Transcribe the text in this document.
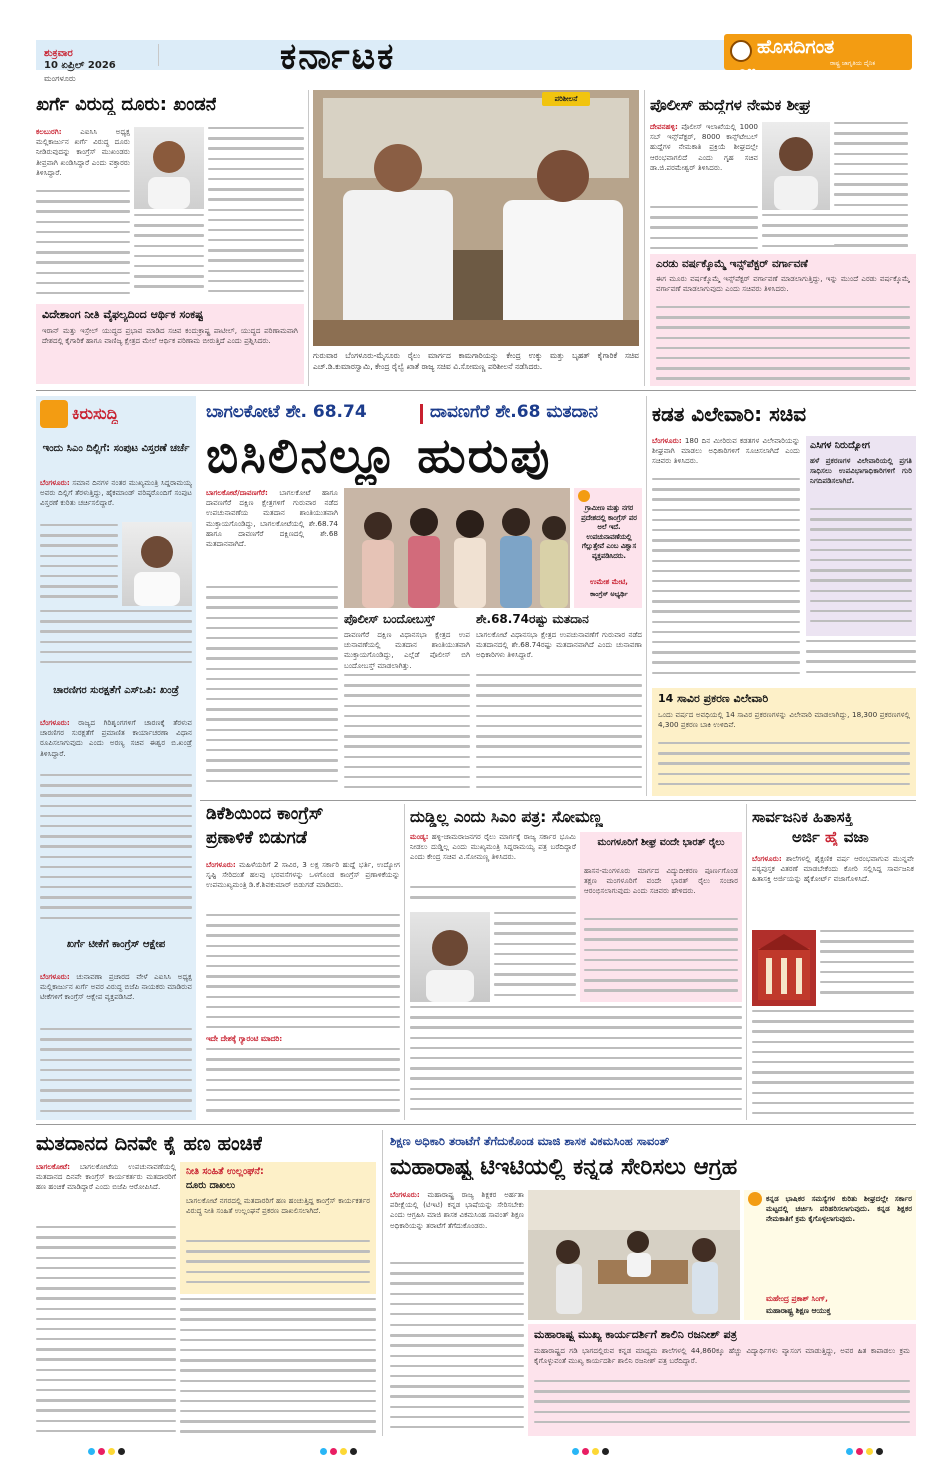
ಶುಕ್ರವಾರ
10 ಏಪ್ರಿಲ್ 2026
ಮಂಗಳೂರು
ಕರ್ನಾಟಕ	ಹೊಸದಿಗಂತ
೦೫	ರಾಷ್ಟ್ರ ಜಾಗೃತಿಯ ದೈನಿಕ
ಖರ್ಗೆ ವಿರುದ್ಧ ದೂರು: ಖಂಡನೆ
ಕಲಬುರಗಿ:	ಎಐಸಿಸಿ ಅಧ್ಯಕ್ಷ ಮಲ್ಲಿಕಾರ್ಜುನ ಖರ್ಗೆ ವಿರುದ್ಧ ದೂರು ನೀಡಿರುವುದನ್ನು ಕಾಂಗ್ರೆಸ್ ಮುಖಂಡರು ತೀವ್ರವಾಗಿ ಖಂಡಿಸಿದ್ದಾರೆ ಎಂದು ವಕ್ತಾರರು ತಿಳಿಸಿದ್ದಾರೆ.
ವಿದೇಶಾಂಗ ನೀತಿ ವೈಫಲ್ಯದಿಂದ ಆರ್ಥಿಕ ಸಂಕಷ್ಟ
ಇರಾನ್ ಮತ್ತು ಇಸ್ರೇಲ್ ಯುದ್ಧದ ಪ್ರಭಾವ ಮಾಡಿದ ಸಚಿವ ಕಂದುಕ್ರಾಷ್ಟ್ರ ಪಾಟೀಲ್, ಯುದ್ಧದ ಪರಿಣಾಮವಾಗಿ ದೇಶದಲ್ಲಿ ಕೈಗಾರಿಕೆ ಹಾಗೂ ವಾಣಿಜ್ಯ ಕ್ಷೇತ್ರದ ಮೇಲೆ ಆರ್ಥಿಕ ಪರಿಣಾಮ ಬೀರುತ್ತಿದೆ ಎಂದು ಪ್ರಶ್ನಿಸಿದರು.
ಪರಿಶೀಲನೆ
ಗುರುವಾರ ಬೆಂಗಳೂರು-ಮೈಸೂರು ರೈಲು ಮಾರ್ಗದ ಕಾಮಗಾರಿಯನ್ನು ಕೇಂದ್ರ ಉಕ್ಕು ಮತ್ತು ಬೃಹತ್ ಕೈಗಾರಿಕೆ ಸಚಿವ ಎಚ್.ಡಿ.ಕುಮಾರಸ್ವಾಮಿ, ಕೇಂದ್ರ ರೈಲ್ವೆ ಖಾತೆ ರಾಜ್ಯ ಸಚಿವ ವಿ.ಸೋಮಣ್ಣ ಪರಿಶೀಲನೆ ನಡೆಸಿದರು.
ಪೊಲೀಸ್ ಹುದ್ದೆಗಳ ನೇಮಕ ಶೀಘ್ರ
ದೇವನಹಳ್ಳಿ: ಪೊಲೀಸ್ ಇಲಾಖೆಯಲ್ಲಿ 1000 ಸಬ್ ಇನ್ಸ್‌ಪೆಕ್ಟರ್, 8000 ಕಾನ್ಸ್‌ಟೇಬಲ್ ಹುದ್ದೆಗಳ ನೇಮಕಾತಿ ಪ್ರಕ್ರಿಯೆ ಶೀಘ್ರದಲ್ಲೇ ಆರಂಭವಾಗಲಿದೆ ಎಂದು ಗೃಹ ಸಚಿವ ಡಾ.ಜಿ.ಪರಮೇಶ್ವರ್ ತಿಳಿಸಿದರು.
ಎರಡು ವರ್ಷಕ್ಕೊಮ್ಮೆ ಇನ್ಸ್‌ಪೆಕ್ಟರ್ ವರ್ಗಾವಣೆ
ಈಗ ಮೂರು ವರ್ಷಕ್ಕೊಮ್ಮೆ ಇನ್ಸ್‌ಪೆಕ್ಟರ್ ವರ್ಗಾವಣೆ ಮಾಡಲಾಗುತ್ತಿದ್ದು, ಇನ್ನು ಮುಂದೆ ಎರಡು ವರ್ಷಕ್ಕೊಮ್ಮೆ ವರ್ಗಾವಣೆ ಮಾಡಲಾಗುವುದು ಎಂದು ಸಚಿವರು ತಿಳಿಸಿದರು.
ಕಿರುಸುದ್ದಿ
ಇಂದು ಸಿಎಂ ದಿಲ್ಲಿಗೆ: ಸಂಪುಟ ವಿಸ್ತರಣೆ ಚರ್ಚೆ
ಬೆಂಗಳೂರು: ಸಮಾನ ದಿನಗಳ ನಂತರ ಮುಖ್ಯಮಂತ್ರಿ ಸಿದ್ದರಾಮಯ್ಯ ಅವರು ದಿಲ್ಲಿಗೆ ತೆರಳುತ್ತಿದ್ದು, ಹೈಕಮಾಂಡ್ ವರಿಷ್ಠರೊಂದಿಗೆ ಸಂಪುಟ ವಿಸ್ತರಣೆ ಕುರಿತು ಚರ್ಚಿಸಲಿದ್ದಾರೆ.
ಚಾರಣಿಗರ ಸುರಕ್ಷತೆಗೆ ಎಸ್‌ಒಪಿ: ಖಂಡ್ರೆ
ಬೆಂಗಳೂರು: ರಾಜ್ಯದ ಗಿರಿಶೃಂಗಗಳಿಗೆ ಚಾರಣಕ್ಕೆ ತೆರಳುವ ಚಾರಣಿಗರ ಸುರಕ್ಷತೆಗೆ ಪ್ರಮಾಣಿತ ಕಾರ್ಯಾಚರಣಾ ವಿಧಾನ ರೂಪಿಸಲಾಗುವುದು ಎಂದು ಅರಣ್ಯ ಸಚಿವ ಈಶ್ವರ ಬಿ.ಖಂಡ್ರೆ ತಿಳಿಸಿದ್ದಾರೆ.
ಖರ್ಗೆ ಟೀಕೆಗೆ ಕಾಂಗ್ರೆಸ್ ಆಕ್ಷೇಪ
ಬೆಂಗಳೂರು: ಚುನಾವಣಾ ಪ್ರಚಾರದ ವೇಳೆ ಎಐಸಿಸಿ ಅಧ್ಯಕ್ಷ ಮಲ್ಲಿಕಾರ್ಜುನ ಖರ್ಗೆ ಅವರ ವಿರುದ್ಧ ಬಿಜೆಪಿ ನಾಯಕರು ಮಾಡಿರುವ ಟೀಕೆಗಳಿಗೆ ಕಾಂಗ್ರೆಸ್ ಆಕ್ಷೇಪ ವ್ಯಕ್ತಪಡಿಸಿದೆ.
ಬಾಗಲಕೋಟೆ ಶೇ. 68.74	ದಾವಣಗೆರೆ ಶೇ.68 ಮತದಾನ
ಬಿಸಿಲಿನಲ್ಲೂ ಹುರುಪು
ಬಾಗಲಕೋಟೆ/ದಾವಣಗೆರೆ: ಬಾಗಲಕೋಟೆ ಹಾಗೂ ದಾವಣಗೆರೆ ದಕ್ಷಿಣ ಕ್ಷೇತ್ರಗಳಿಗೆ ಗುರುವಾರ ನಡೆದ ಉಪಚುನಾವಣೆಯ ಮತದಾನ ಶಾಂತಿಯುತವಾಗಿ ಮುಕ್ತಾಯಗೊಂಡಿದ್ದು, ಬಾಗಲಕೋಟೆಯಲ್ಲಿ ಶೇ.68.74 ಹಾಗೂ ದಾವಣಗೆರೆ ದಕ್ಷಿಣದಲ್ಲಿ ಶೇ.68 ಮತದಾನವಾಗಿದೆ.
ಗ್ರಾಮೀಣ ಮತ್ತು ನಗರ ಪ್ರದೇಶದಲ್ಲಿ ಕಾಂಗ್ರೆಸ್ ಪರ ಅಲೆ ಇದೆ. ಉಪಚುನಾವಣೆಯಲ್ಲಿ ಗೆಲ್ಲುತ್ತೇವೆ ಎಂಬ ವಿಶ್ವಾಸ ವ್ಯಕ್ತಪಡಿಸಿದರು.
ಉಮೇಶ ಮೇಟಿ,
ಕಾಂಗ್ರೆಸ್ ಅಭ್ಯರ್ಥಿ
ಪೊಲೀಸ್ ಬಂದೋಬಸ್ತ್
ದಾವಣಗೆರೆ ದಕ್ಷಿಣ ವಿಧಾನಸಭಾ ಕ್ಷೇತ್ರದ ಉಪ ಚುನಾವಣೆಯಲ್ಲಿ ಮತದಾನ ಶಾಂತಿಯುತವಾಗಿ ಮುಕ್ತಾಯಗೊಂಡಿದ್ದು, ಎಲ್ಲೆಡೆ ಪೊಲೀಸ್ ಬಿಗಿ ಬಂದೋಬಸ್ತ್ ಮಾಡಲಾಗಿತ್ತು.
ಶೇ.68.74ರಷ್ಟು ಮತದಾನ
ಬಾಗಲಕೋಟೆ ವಿಧಾನಸಭಾ ಕ್ಷೇತ್ರದ ಉಪಚುನಾವಣೆಗೆ ಗುರುವಾರ ನಡೆದ ಮತದಾನದಲ್ಲಿ ಶೇ.68.74ರಷ್ಟು ಮತದಾನವಾಗಿದೆ ಎಂದು ಚುನಾವಣಾ ಅಧಿಕಾರಿಗಳು ತಿಳಿಸಿದ್ದಾರೆ.
ಕಡತ ವಿಲೇವಾರಿ: ಸಚಿವ
ಬೆಂಗಳೂರು: 180 ದಿನ ಮೀರಿರುವ ಕಡತಗಳ ವಿಲೇವಾರಿಯನ್ನು ಶೀಘ್ರವಾಗಿ ಮಾಡಲು ಅಧಿಕಾರಿಗಳಿಗೆ ಸೂಚಿಸಲಾಗಿದೆ ಎಂದು ಸಚಿವರು ತಿಳಿಸಿದರು.
ಎಸಿಗಳ ನಿರುದ್ಯೋಗ
ಹಳೆ ಪ್ರಕರಣಗಳ ವಿಲೇವಾರಿಯಲ್ಲಿ ಪ್ರಗತಿ ಸಾಧಿಸಲು ಉಪವಿಭಾಗಾಧಿಕಾರಿಗಳಿಗೆ ಗುರಿ ನಿಗದಿಪಡಿಸಲಾಗಿದೆ.
14 ಸಾವಿರ ಪ್ರಕರಣ ವಿಲೇವಾರಿ
ಒಂದು ವರ್ಷದ ಅವಧಿಯಲ್ಲಿ 14 ಸಾವಿರ ಪ್ರಕರಣಗಳನ್ನು ವಿಲೇವಾರಿ ಮಾಡಲಾಗಿದ್ದು, 18,300 ಪ್ರಕರಣಗಳಲ್ಲಿ 4,300 ಪ್ರಕರಣ ಬಾಕಿ ಉಳಿದಿವೆ.
ಡಿಕೆಶಿಯಿಂದ ಕಾಂಗ್ರೆಸ್
ಪ್ರಣಾಳಿಕೆ ಬಿಡುಗಡೆ
ಬೆಂಗಳೂರು: ಮಹಿಳೆಯರಿಗೆ 2 ಸಾವಿರ, 3 ಲಕ್ಷ ಸರ್ಕಾರಿ ಹುದ್ದೆ ಭರ್ತಿ, ಉದ್ಯೋಗ ಸೃಷ್ಟಿ ಸೇರಿದಂತೆ ಹಲವು ಭರವಸೆಗಳನ್ನು ಒಳಗೊಂಡ ಕಾಂಗ್ರೆಸ್ ಪ್ರಣಾಳಿಕೆಯನ್ನು ಉಪಮುಖ್ಯಮಂತ್ರಿ ಡಿ.ಕೆ.ಶಿವಕುಮಾರ್ ಬಿಡುಗಡೆ ಮಾಡಿದರು.
ಇದೇ ದೇಶಕ್ಕೆ ಗ್ಯಾರಂಟಿ ಮಾದರಿ:
ದುಡ್ಡಿಲ್ಲ ಎಂದು ಸಿಎಂ ಪತ್ರ: ಸೋಮಣ್ಣ
ಮಂಡ್ಯ: ಹಳ್ಳಿ-ಚಾಮರಾಜನಗರ ರೈಲು ಮಾರ್ಗಕ್ಕೆ ರಾಜ್ಯ ಸರ್ಕಾರ ಭೂಮಿ ನೀಡಲು ದುಡ್ಡಿಲ್ಲ ಎಂದು ಮುಖ್ಯಮಂತ್ರಿ ಸಿದ್ದರಾಮಯ್ಯ ಪತ್ರ ಬರೆದಿದ್ದಾರೆ ಎಂದು ಕೇಂದ್ರ ಸಚಿವ ವಿ.ಸೋಮಣ್ಣ ತಿಳಿಸಿದರು.
ಮಂಗಳೂರಿಗೆ ಶೀಘ್ರ ವಂದೇ ಭಾರತ್ ರೈಲು
ಹಾಸನ-ಮಂಗಳೂರು ಮಾರ್ಗದ ವಿದ್ಯುದೀಕರಣ ಪೂರ್ಣಗೊಂಡ ತಕ್ಷಣ ಮಂಗಳೂರಿಗೆ ವಂದೇ ಭಾರತ್ ರೈಲು ಸಂಚಾರ ಆರಂಭಿಸಲಾಗುವುದು ಎಂದು ಸಚಿವರು ಹೇಳಿದರು.
ಸಾರ್ವಜನಿಕ ಹಿತಾಸಕ್ತಿ
ಅರ್ಜಿ ಹೈ ವಜಾ
ಬೆಂಗಳೂರು: ಶಾಲೆಗಳಲ್ಲಿ ಶೈಕ್ಷಣಿಕ ವರ್ಷ ಆರಂಭವಾಗುವ ಮುನ್ನವೇ ಪಠ್ಯಪುಸ್ತಕ ವಿತರಣೆ ಮಾಡಬೇಕೆಂದು ಕೋರಿ ಸಲ್ಲಿಸಿದ್ದ ಸಾರ್ವಜನಿಕ ಹಿತಾಸಕ್ತಿ ಅರ್ಜಿಯನ್ನು ಹೈಕೋರ್ಟ್ ವಜಾಗೊಳಿಸಿದೆ.
ಮತದಾನದ ದಿನವೇ ಕೈ ಹಣ ಹಂಚಿಕೆ
ಬಾಗಲಕೋಟೆ: ಬಾಗಲಕೋಟೆಯ ಉಪಚುನಾವಣೆಯಲ್ಲಿ ಮತದಾನದ ದಿನವೇ ಕಾಂಗ್ರೆಸ್ ಕಾರ್ಯಕರ್ತರು ಮತದಾರರಿಗೆ ಹಣ ಹಂಚಿಕೆ ಮಾಡಿದ್ದಾರೆ ಎಂದು ಬಿಜೆಪಿ ಆರೋಪಿಸಿದೆ.
ನೀತಿ ಸಂಹಿತೆ ಉಲ್ಲಂಘನೆ:
ದೂರು ದಾಖಲು
ಬಾಗಲಕೋಟೆ ನಗರದಲ್ಲಿ ಮತದಾರರಿಗೆ ಹಣ ಹಂಚುತ್ತಿದ್ದ ಕಾಂಗ್ರೆಸ್ ಕಾರ್ಯಕರ್ತರ ವಿರುದ್ಧ ನೀತಿ ಸಂಹಿತೆ ಉಲ್ಲಂಘನೆ ಪ್ರಕರಣ ದಾಖಲಿಸಲಾಗಿದೆ.
ಶಿಕ್ಷಣ ಅಧಿಕಾರಿ ತರಾಟೆಗೆ ತೆಗೆದುಕೊಂಡ ಮಾಜಿ ಶಾಸಕ ವಿಕಮಸಿಂಹ ಸಾವಂತ್
ಮಹಾರಾಷ್ಟ್ರ ಟಿಇಟಿಯಲ್ಲಿ ಕನ್ನಡ ಸೇರಿಸಲು ಆಗ್ರಹ
ಬೆಂಗಳೂರು: ಮಹಾರಾಷ್ಟ್ರ ರಾಜ್ಯ ಶಿಕ್ಷಕರ ಅರ್ಹತಾ ಪರೀಕ್ಷೆಯಲ್ಲಿ (ಟಿಇಟಿ) ಕನ್ನಡ ಭಾಷೆಯನ್ನು ಸೇರಿಸಬೇಕು ಎಂದು ಆಗ್ರಹಿಸಿ ಮಾಜಿ ಶಾಸಕ ವಿಕಮಸಿಂಹ ಸಾವಂತ್ ಶಿಕ್ಷಣ ಅಧಿಕಾರಿಯನ್ನು ತರಾಟೆಗೆ ತೆಗೆದುಕೊಂಡರು.
ಕನ್ನಡ ಭಾಷಿಕರ ಸಮಸ್ಯೆಗಳ ಕುರಿತು ಶೀಘ್ರದಲ್ಲೇ ಸರ್ಕಾರ ಮಟ್ಟದಲ್ಲಿ ಚರ್ಚಿಸಿ ಪರಿಹರಿಸಲಾಗುವುದು. ಕನ್ನಡ ಶಿಕ್ಷಕರ ನೇಮಕಾತಿಗೆ ಕ್ರಮ ಕೈಗೊಳ್ಳಲಾಗುವುದು.
ಮಹೇಂದ್ರ ಪ್ರಕಾಶ್ ಸಿಂಗ್,
ಮಹಾರಾಷ್ಟ್ರ ಶಿಕ್ಷಣ ಆಯುಕ್ತ
ಮಹಾರಾಷ್ಟ್ರ ಮುಖ್ಯ ಕಾರ್ಯದರ್ಶಿಗೆ ಶಾಲಿನಿ ರಜನೀಶ್ ಪತ್ರ
ಮಹಾರಾಷ್ಟ್ರದ ಗಡಿ ಭಾಗದಲ್ಲಿರುವ ಕನ್ನಡ ಮಾಧ್ಯಮ ಶಾಲೆಗಳಲ್ಲಿ 44,860ಕ್ಕೂ ಹೆಚ್ಚು ವಿದ್ಯಾರ್ಥಿಗಳು ವ್ಯಾಸಂಗ ಮಾಡುತ್ತಿದ್ದು, ಅವರ ಹಿತ ಕಾಪಾಡಲು ಕ್ರಮ ಕೈಗೊಳ್ಳುವಂತೆ ಮುಖ್ಯ ಕಾರ್ಯದರ್ಶಿ ಶಾಲಿನಿ ರಜನೀಶ್ ಪತ್ರ ಬರೆದಿದ್ದಾರೆ.
